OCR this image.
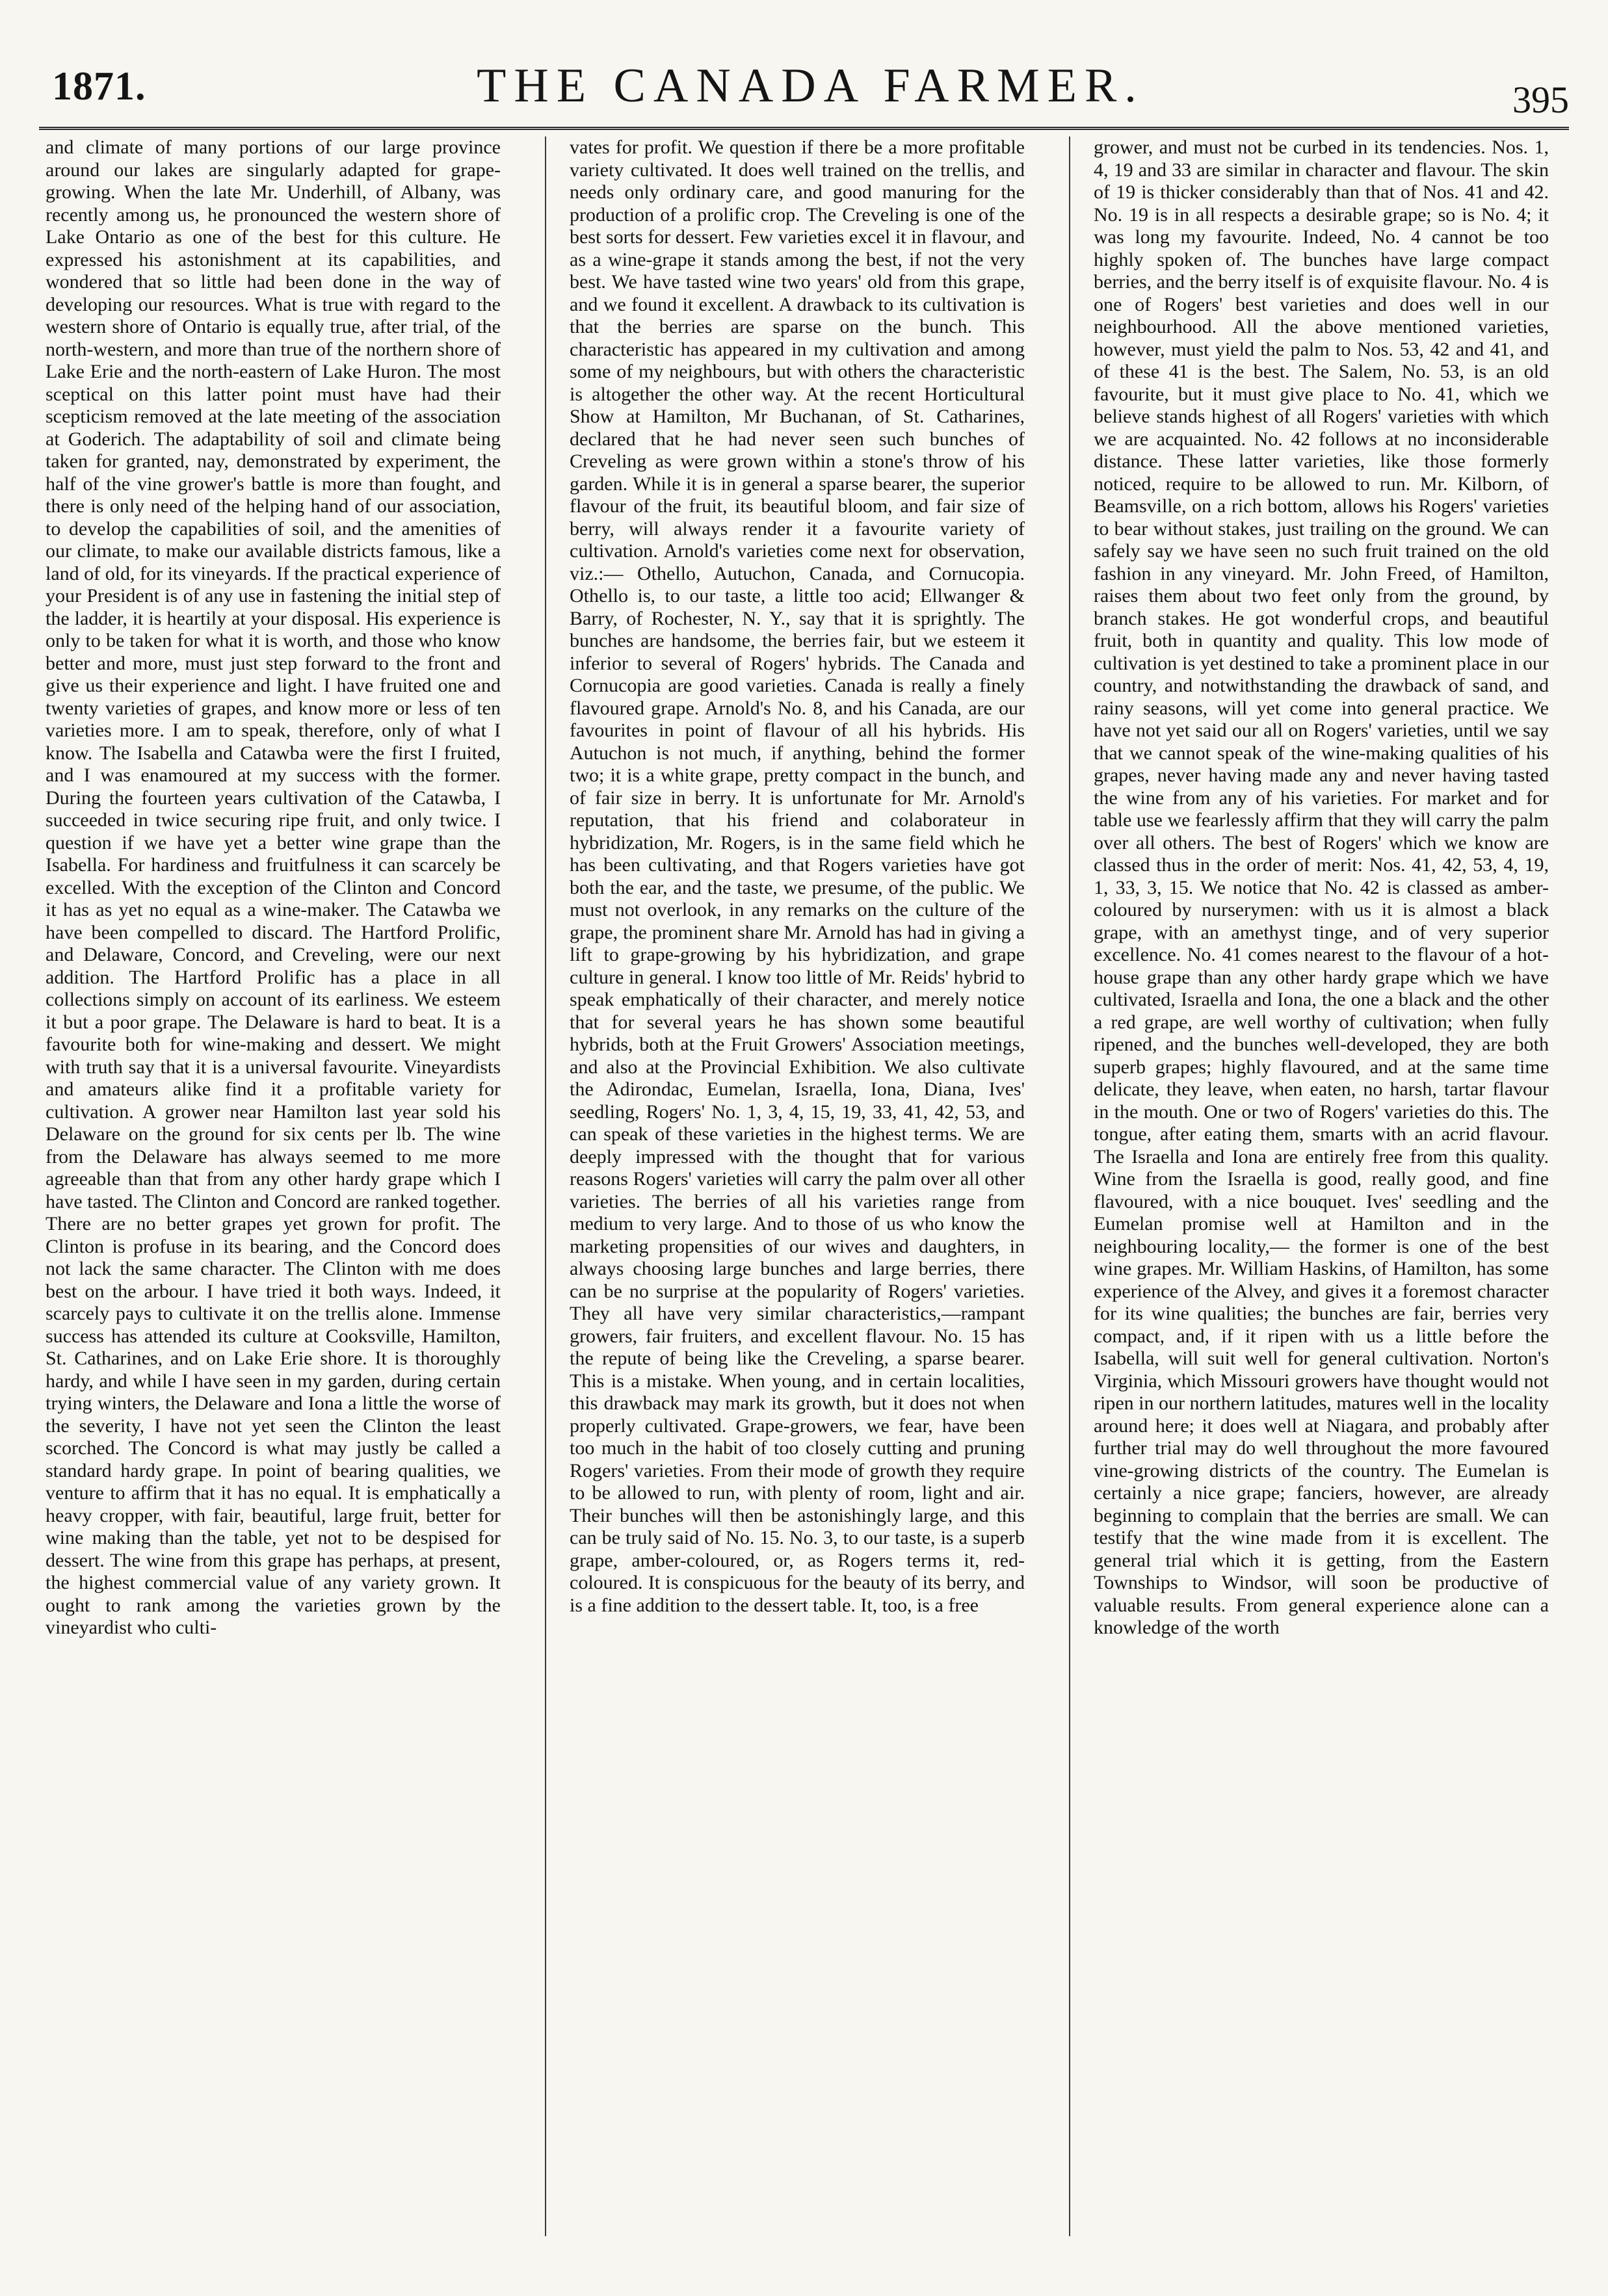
1871.	THE CANADA FARMER.	395

and climate of many portions of our large province around our lakes are singularly adapted for grape-growing. When the late Mr. Underhill, of Albany, was recently among us, he pronounced the western shore of Lake Ontario as one of the best for this culture. He expressed his astonishment at its capabilities, and wondered that so little had been done in the way of developing our resources. What is true with regard to the western shore of Ontario is equally true, after trial, of the north-western, and more than true of the northern shore of Lake Erie and the north-eastern of Lake Huron. The most sceptical on this latter point must have had their scepticism removed at the late meeting of the association at Goderich. The adaptability of soil and climate being taken for granted, nay, demonstrated by experiment, the half of the vine grower's battle is more than fought, and there is only need of the helping hand of our association, to develop the capabilities of soil, and the amenities of our climate, to make our available districts famous, like a land of old, for its vineyards. If the practical experience of your President is of any use in fastening the initial step of the ladder, it is heartily at your disposal. His experience is only to be taken for what it is worth, and those who know better and more, must just step forward to the front and give us their experience and light. I have fruited one and twenty varieties of grapes, and know more or less of ten varieties more. I am to speak, therefore, only of what I know. The Isabella and Catawba were the first I fruited, and I was enamoured at my success with the former. During the fourteen years cultivation of the Catawba, I succeeded in twice securing ripe fruit, and only twice. I question if we have yet a better wine grape than the Isabella. For hardiness and fruitfulness it can scarcely be excelled. With the exception of the Clinton and Concord it has as yet no equal as a wine-maker. The Catawba we have been compelled to discard. The Hartford Prolific, and Delaware, Concord, and Creveling, were our next addition. The Hartford Prolific has a place in all collections simply on account of its earliness. We esteem it but a poor grape. The Delaware is hard to beat. It is a favourite both for wine-making and dessert. We might with truth say that it is a universal favourite. Vineyardists and amateurs alike find it a profitable variety for cultivation. A grower near Hamilton last year sold his Delaware on the ground for six cents per lb. The wine from the Delaware has always seemed to me more agreeable than that from any other hardy grape which I have tasted. The Clinton and Concord are ranked together. There are no better grapes yet grown for profit. The Clinton is profuse in its bearing, and the Concord does not lack the same character. The Clinton with me does best on the arbour. I have tried it both ways. Indeed, it scarcely pays to cultivate it on the trellis alone. Immense success has attended its culture at Cooksville, Hamilton, St. Catharines, and on Lake Erie shore. It is thoroughly hardy, and while I have seen in my garden, during certain trying winters, the Delaware and Iona a little the worse of the severity, I have not yet seen the Clinton the least scorched. The Concord is what may justly be called a standard hardy grape. In point of bearing qualities, we venture to affirm that it has no equal. It is emphatically a heavy cropper, with fair, beautiful, large fruit, better for wine making than the table, yet not to be despised for dessert. The wine from this grape has perhaps, at present, the highest commercial value of any variety grown. It ought to rank among the varieties grown by the vineyardist who culti-

vates for profit. We question if there be a more profitable variety cultivated. It does well trained on the trellis, and needs only ordinary care, and good manuring for the production of a prolific crop. The Creveling is one of the best sorts for dessert. Few varieties excel it in flavour, and as a wine-grape it stands among the best, if not the very best. We have tasted wine two years' old from this grape, and we found it excellent. A drawback to its cultivation is that the berries are sparse on the bunch. This characteristic has appeared in my cultivation and among some of my neighbours, but with others the characteristic is altogether the other way. At the recent Horticultural Show at Hamilton, Mr Buchanan, of St. Catharines, declared that he had never seen such bunches of Creveling as were grown within a stone's throw of his garden. While it is in general a sparse bearer, the superior flavour of the fruit, its beautiful bloom, and fair size of berry, will always render it a favourite variety of cultivation. Arnold's varieties come next for observation, viz.:— Othello, Autuchon, Canada, and Cornucopia. Othello is, to our taste, a little too acid; Ellwanger & Barry, of Rochester, N. Y., say that it is sprightly. The bunches are handsome, the berries fair, but we esteem it inferior to several of Rogers' hybrids. The Canada and Cornucopia are good varieties. Canada is really a finely flavoured grape. Arnold's No. 8, and his Canada, are our favourites in point of flavour of all his hybrids. His Autuchon is not much, if anything, behind the former two; it is a white grape, pretty compact in the bunch, and of fair size in berry. It is unfortunate for Mr. Arnold's reputation, that his friend and colaborateur in hybridization, Mr. Rogers, is in the same field which he has been cultivating, and that Rogers varieties have got both the ear, and the taste, we presume, of the public. We must not overlook, in any remarks on the culture of the grape, the prominent share Mr. Arnold has had in giving a lift to grape-growing by his hybridization, and grape culture in general. I know too little of Mr. Reids' hybrid to speak emphatically of their character, and merely notice that for several years he has shown some beautiful hybrids, both at the Fruit Growers' Association meetings, and also at the Provincial Exhibition. We also cultivate the Adirondac, Eumelan, Israella, Iona, Diana, Ives' seedling, Rogers' No. 1, 3, 4, 15, 19, 33, 41, 42, 53, and can speak of these varieties in the highest terms. We are deeply impressed with the thought that for various reasons Rogers' varieties will carry the palm over all other varieties. The berries of all his varieties range from medium to very large. And to those of us who know the marketing propensities of our wives and daughters, in always choosing large bunches and large berries, there can be no surprise at the popularity of Rogers' varieties. They all have very similar characteristics,—rampant growers, fair fruiters, and excellent flavour. No. 15 has the repute of being like the Creveling, a sparse bearer. This is a mistake. When young, and in certain localities, this drawback may mark its growth, but it does not when properly cultivated. Grape-growers, we fear, have been too much in the habit of too closely cutting and pruning Rogers' varieties. From their mode of growth they require to be allowed to run, with plenty of room, light and air. Their bunches will then be astonishingly large, and this can be truly said of No. 15. No. 3, to our taste, is a superb grape, amber-coloured, or, as Rogers terms it, red-coloured. It is conspicuous for the beauty of its berry, and is a fine addition to the dessert table. It, too, is a free

grower, and must not be curbed in its tendencies. Nos. 1, 4, 19 and 33 are similar in character and flavour. The skin of 19 is thicker considerably than that of Nos. 41 and 42. No. 19 is in all respects a desirable grape; so is No. 4; it was long my favourite. Indeed, No. 4 cannot be too highly spoken of. The bunches have large compact berries, and the berry itself is of exquisite flavour. No. 4 is one of Rogers' best varieties and does well in our neighbourhood. All the above mentioned varieties, however, must yield the palm to Nos. 53, 42 and 41, and of these 41 is the best. The Salem, No. 53, is an old favourite, but it must give place to No. 41, which we believe stands highest of all Rogers' varieties with which we are acquainted. No. 42 follows at no inconsiderable distance. These latter varieties, like those formerly noticed, require to be allowed to run. Mr. Kilborn, of Beamsville, on a rich bottom, allows his Rogers' varieties to bear without stakes, just trailing on the ground. We can safely say we have seen no such fruit trained on the old fashion in any vineyard. Mr. John Freed, of Hamilton, raises them about two feet only from the ground, by branch stakes. He got wonderful crops, and beautiful fruit, both in quantity and quality. This low mode of cultivation is yet destined to take a prominent place in our country, and notwithstanding the drawback of sand, and rainy seasons, will yet come into general practice. We have not yet said our all on Rogers' varieties, until we say that we cannot speak of the wine-making qualities of his grapes, never having made any and never having tasted the wine from any of his varieties. For market and for table use we fearlessly affirm that they will carry the palm over all others. The best of Rogers' which we know are classed thus in the order of merit: Nos. 41, 42, 53, 4, 19, 1, 33, 3, 15. We notice that No. 42 is classed as amber-coloured by nurserymen: with us it is almost a black grape, with an amethyst tinge, and of very superior excellence. No. 41 comes nearest to the flavour of a hot-house grape than any other hardy grape which we have cultivated, Israella and Iona, the one a black and the other a red grape, are well worthy of cultivation; when fully ripened, and the bunches well-developed, they are both superb grapes; highly flavoured, and at the same time delicate, they leave, when eaten, no harsh, tartar flavour in the mouth. One or two of Rogers' varieties do this. The tongue, after eating them, smarts with an acrid flavour. The Israella and Iona are entirely free from this quality. Wine from the Israella is good, really good, and fine flavoured, with a nice bouquet. Ives' seedling and the Eumelan promise well at Hamilton and in the neighbouring locality,— the former is one of the best wine grapes. Mr. William Haskins, of Hamilton, has some experience of the Alvey, and gives it a foremost character for its wine qualities; the bunches are fair, berries very compact, and, if it ripen with us a little before the Isabella, will suit well for general cultivation. Norton's Virginia, which Missouri growers have thought would not ripen in our northern latitudes, matures well in the locality around here; it does well at Niagara, and probably after further trial may do well throughout the more favoured vine-growing districts of the country. The Eumelan is certainly a nice grape; fanciers, however, are already beginning to complain that the berries are small. We can testify that the wine made from it is excellent. The general trial which it is getting, from the Eastern Townships to Windsor, will soon be productive of valuable results. From general experience alone can a knowledge of the worth
